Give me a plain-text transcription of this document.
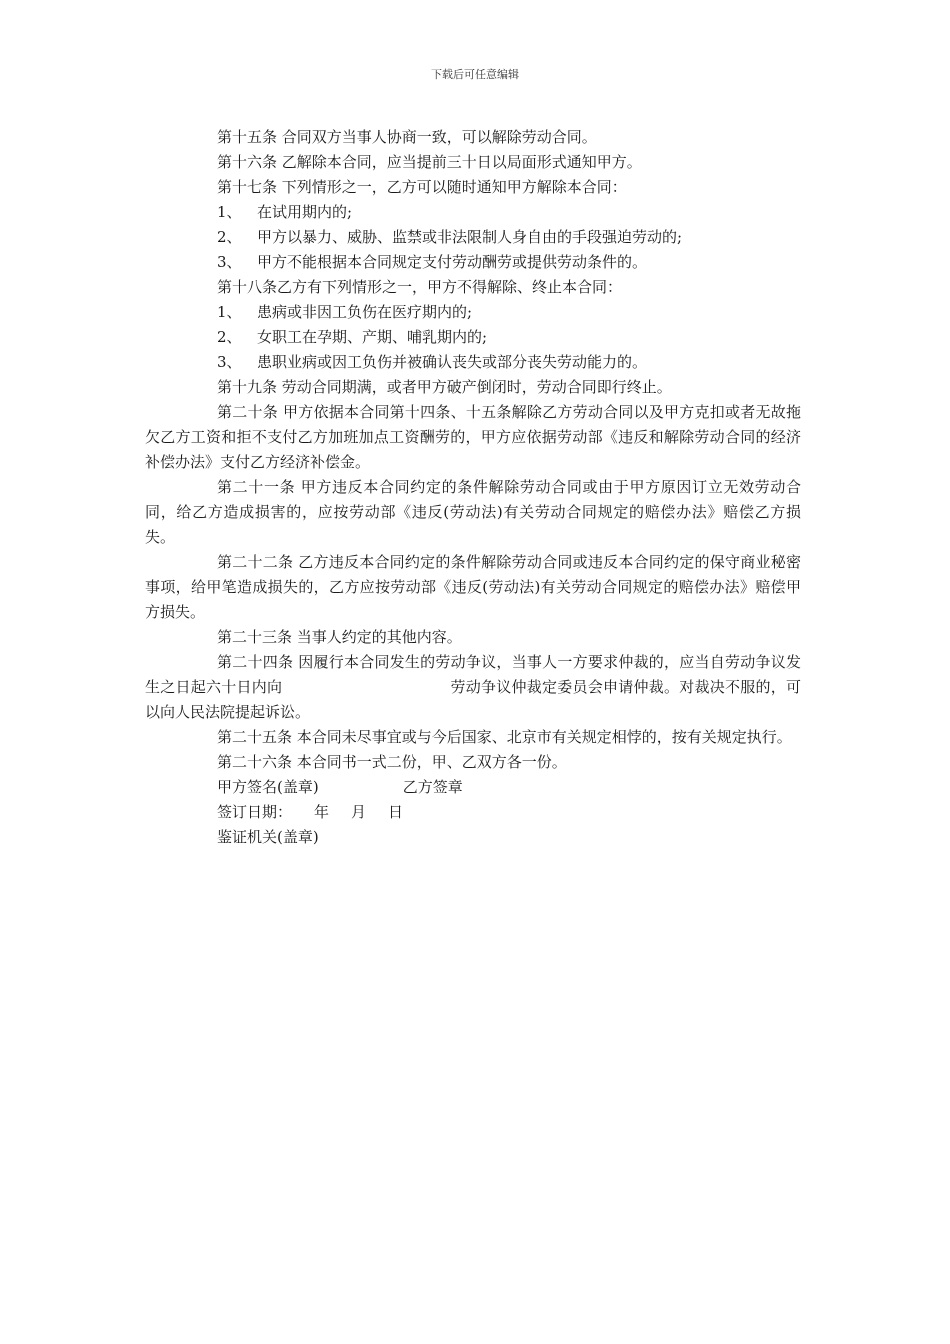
下载后可任意编辑

第十五条 合同双方当事人协商一致，可以解除劳动合同。

第十六条 乙解除本合同，应当提前三十日以局面形式通知甲方。

第十七条 下列情形之一，乙方可以随时通知甲方解除本合同：

1、 在试用期内的;

2、 甲方以暴力、威胁、监禁或非法限制人身自由的手段强迫劳动的;

3、 甲方不能根据本合同规定支付劳动酬劳或提供劳动条件的。

第十八条乙方有下列情形之一，甲方不得解除、终止本合同：

1、 患病或非因工负伤在医疗期内的;

2、 女职工在孕期、产期、哺乳期内的;

3、 患职业病或因工负伤并被确认丧失或部分丧失劳动能力的。

第十九条 劳动合同期满，或者甲方破产倒闭时，劳动合同即行终止。

第二十条 甲方依据本合同第十四条、十五条解除乙方劳动合同以及甲方克扣或者无故拖欠乙方工资和拒不支付乙方加班加点工资酬劳的，甲方应依据劳动部《违反和解除劳动合同的经济补偿办法》支付乙方经济补偿金。

第二十一条 甲方违反本合同约定的条件解除劳动合同或由于甲方原因订立无效劳动合同，给乙方造成损害的，应按劳动部《违反(劳动法)有关劳动合同规定的赔偿办法》赔偿乙方损失。

第二十二条 乙方违反本合同约定的条件解除劳动合同或违反本合同约定的保守商业秘密事项，给甲笔造成损失的，乙方应按劳动部《违反(劳动法)有关劳动合同规定的赔偿办法》赔偿甲方损失。

第二十三条 当事人约定的其他内容。

第二十四条 因履行本合同发生的劳动争议，当事人一方要求仲裁的，应当自劳动争议发生之日起六十日内向	劳动争议仲裁定委员会申请仲裁。对裁决不服的，可以向人民法院提起诉讼。

第二十五条 本合同未尽事宜或与今后国家、北京市有关规定相悖的，按有关规定执行。

第二十六条 本合同书一式二份，甲、乙双方各一份。

甲方签名(盖章)	乙方签章

签订日期： 年 月 日

鉴证机关(盖章)
